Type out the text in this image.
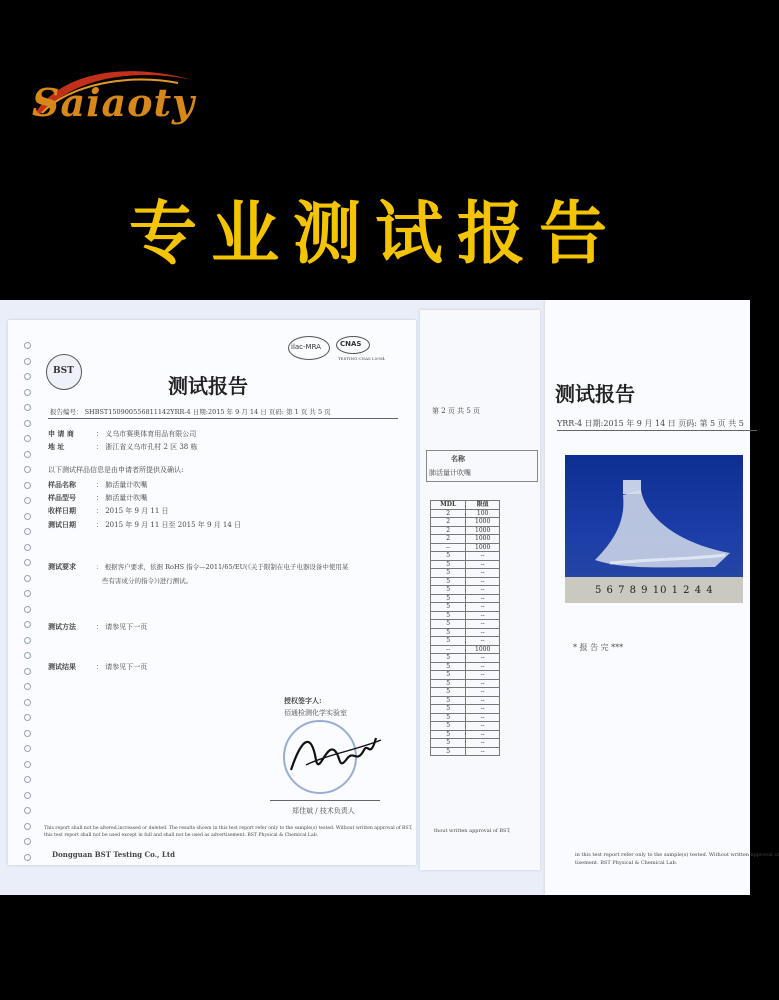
Saiaoty
专业测试报告
测试报告
YRR-4 日期:2015 年 9 月 14 日 页码: 第 5 页 共 5
5 6 7 8 9 10 1 2 4 4
* 报 告 完 ***
in this test report refer only to the sample(s) tested. Without written approval of
tisement. BST Physical & Chemical Lab.
第 2 页 共 5 页
名称
肺活量计吹嘴
MDL	限值
2	100
2	1000
2	1000
2	1000
--	1000
5	--
5	--
5	--
5	--
5	--
5	--
5	--
5	--
5	--
5	--
5	--
--	1000
5	--
5	--
5	--
5	--
5	--
5	--
5	--
5	--
5	--
5	--
5	--
5	--
thout written approval of BST,
BST
ilac-MRA	CNAS
TESTING CNAS L5934
测试报告
报告编号： SHBST150900556811142YRR-4 日期:2015 年 9 月 14 日 页码: 第 1 页 共 5 页
申 请 商	： 义乌市赛奥体育用品有限公司
地 址	： 浙江省义乌市孔村 2 区 38 栋
以下测试样品信息是由申请者所提供及确认:
样品名称	： 肺活量计吹嘴
样品型号	： 肺活量计吹嘴
收样日期	： 2015 年 9 月 11 日
测试日期	： 2015 年 9 月 11 日至 2015 年 9 月 14 日
测试要求	： 根据客户要求，依据 RoHS 指令—2011/65/EU(《关于限制在电子电器设备中使用某
些有害成分的指令》)进行测试。
测试方法	： 请参见下一页
测试结果	： 请参见下一页
授权签字人:
佰通检测化学实验室
郑佳斌 / 技术负责人
This report shall not be altered,increased or deleted. The results shown in this test report refer only to the sample(s) tested. Without written approval of BST,
this test report shall not be used except in full and shall not be used as advertisement. BST Physical & Chemical Lab.
Dongguan BST Testing Co., Ltd
